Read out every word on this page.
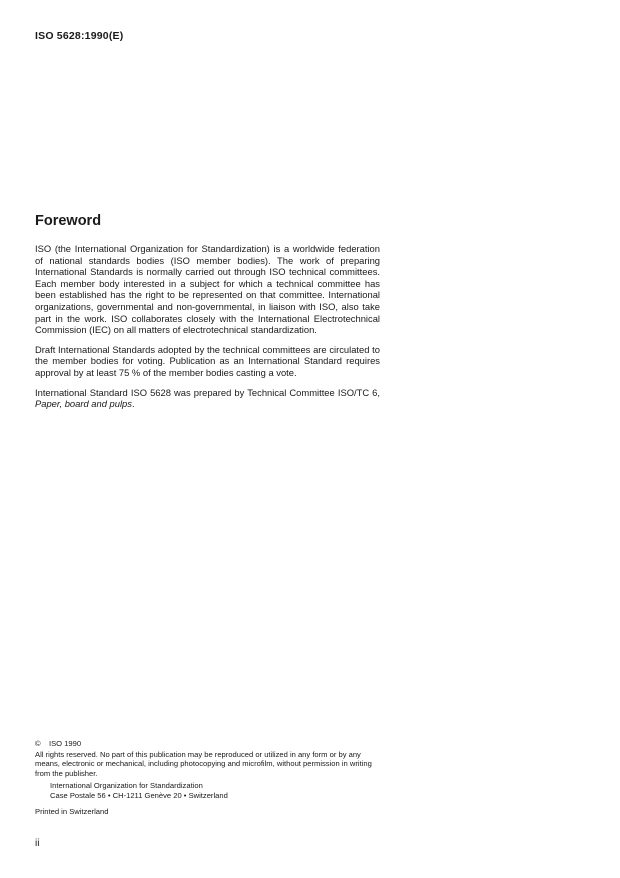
ISO 5628:1990(E)
Foreword

ISO (the International Organization for Standardization) is a worldwide federation of national standards bodies (ISO member bodies). The work of preparing International Standards is normally carried out through ISO technical committees. Each member body interested in a subject for which a technical committee has been established has the right to be represented on that committee. International organizations, governmental and non-governmental, in liaison with ISO, also take part in the work. ISO collaborates closely with the International Electrotechnical Commission (IEC) on all matters of electrotechnical standardization.

Draft International Standards adopted by the technical committees are circulated to the member bodies for voting. Publication as an International Standard requires approval by at least 75 % of the member bodies casting a vote.

International Standard ISO 5628 was prepared by Technical Committee ISO/TC 6, Paper, board and pulps.

© ISO 1990
All rights reserved. No part of this publication may be reproduced or utilized in any form or by any means, electronic or mechanical, including photocopying and microfilm, without permission in writing from the publisher.
International Organization for Standardization
Case Postale 56 • CH-1211 Genève 20 • Switzerland
Printed in Switzerland
ii
